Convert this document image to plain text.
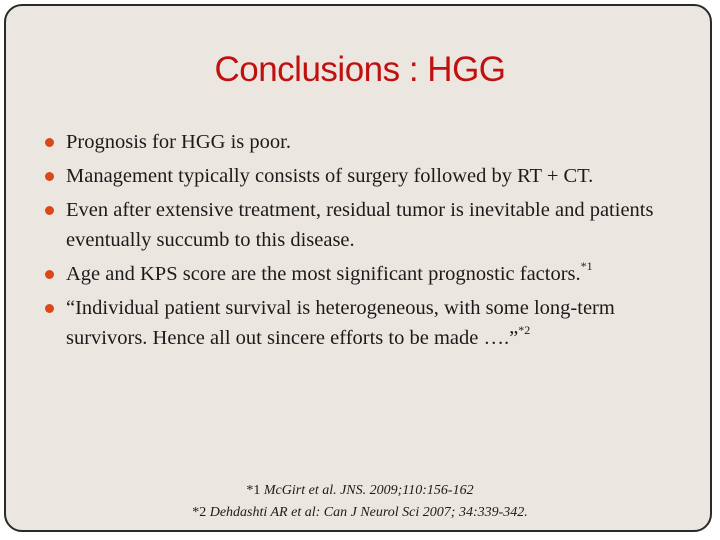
Conclusions : HGG
Prognosis for HGG is poor.
Management typically consists of surgery followed by RT + CT.
Even after extensive treatment, residual tumor is inevitable and patients eventually succumb to this disease.
Age and KPS score are the most significant prognostic factors.$^{*1}$
“Individual patient survival is heterogeneous, with some long-term survivors. Hence all out sincere efforts to be made ….”$^{*2}$
*1 McGirt et al. JNS. 2009;110:156-162
*2 Dehdashti AR et al: Can J Neurol Sci 2007; 34:339-342.
